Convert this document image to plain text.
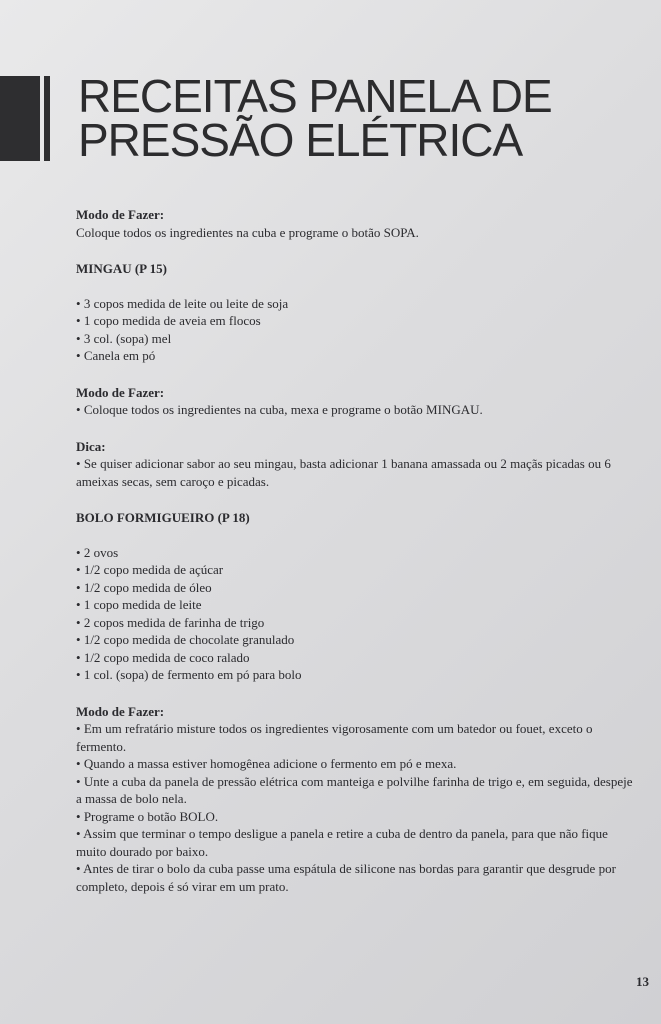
RECEITAS PANELA DE
PRESSÃO ELÉTRICA

Modo de Fazer:

Coloque todos os ingredientes na cuba e programe o botão SOPA.

MINGAU (P 15)

• 3 copos medida de leite ou leite de soja
• 1 copo medida de aveia em flocos
• 3 col. (sopa) mel
• Canela em pó

Modo de Fazer:

• Coloque todos os ingredientes na cuba, mexa e programe o botão MINGAU.

Dica:

• Se quiser adicionar sabor ao seu mingau, basta adicionar 1 banana amassada ou 2 maçãs picadas ou 6 ameixas secas, sem caroço e picadas.

BOLO FORMIGUEIRO (P 18)

• 2 ovos
• 1/2 copo medida de açúcar
• 1/2 copo medida de óleo
• 1 copo medida de leite
• 2 copos medida de farinha de trigo
• 1/2 copo medida de chocolate granulado
• 1/2 copo medida de coco ralado
• 1 col. (sopa) de fermento em pó para bolo

Modo de Fazer:

• Em um refratário misture todos os ingredientes vigorosamente com um batedor ou fouet, exceto o fermento.

• Quando a massa estiver homogênea adicione o fermento em pó e mexa.

• Unte a cuba da panela de pressão elétrica com manteiga e polvilhe farinha de trigo e, em seguida, despeje a massa de bolo nela.

• Programe o botão BOLO.

• Assim que terminar o tempo desligue a panela e retire a cuba de dentro da panela, para que não fique muito dourado por baixo.

• Antes de tirar o bolo da cuba passe uma espátula de silicone nas bordas para garantir que desgrude por completo, depois é só virar em um prato.

13
